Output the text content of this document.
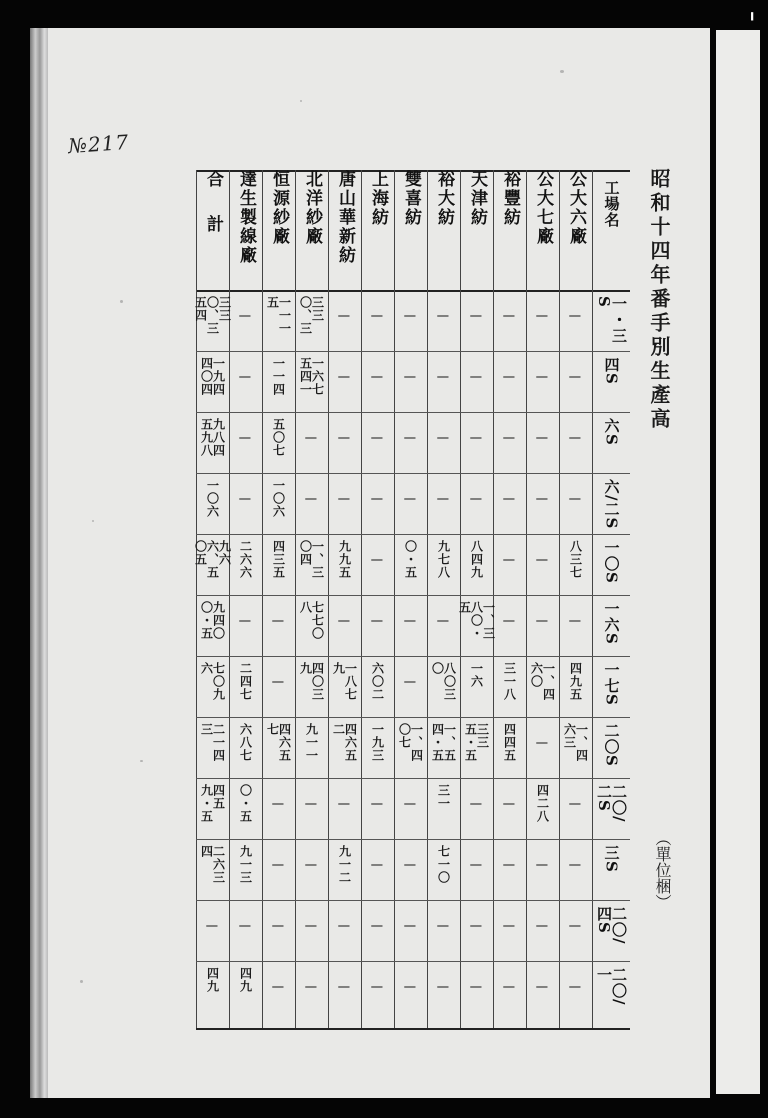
╻
№217
昭和十四年番手別生產高
（單位梱）
工場名
公大六廠
公大七廠
裕豐紡
天津紡
裕大紡
雙喜紡
上海紡
唐山華新紡
北洋紗廠
恒源紗廠
達生製線廠
合計
一・三S
|
|
|
|
|
|
|
|
三三〇、三
一一一五
|
三三〇、三五四
四S
|
|
|
|
|
|
|
|
一六七五四一
一一四
|
一九四四〇四
六S
|
|
|
|
|
|
|
|
|
五〇七
|
九八四五九八
六/二S
|
|
|
|
|
|
|
|
|
一〇六
|
一〇六
一〇S
八三七
|
|
八四九
九七八
〇・五
|
九九五
一、三〇四
四三五
二六六
九六六、五〇五
一六S
|
|
|
一、三八〇・五
|
|
|
|
七七〇八
|
|
九四〇〇・五
一七S
四九五
一、四六〇
三一八
一六
八〇三〇
|
六〇二
一八七九
四〇三九
|
二四七
七〇九六
二〇S
一、四六三
|
四四五
三三五・五
一、五四・五
一、四〇七
一九三
四六五二
九一一
四六五七
六八七
二一四三
二〇/二S
|
四二八
|
|
三一
|
|
|
|
|
〇・五
四五九・五
三S
|
|
|
|
七一〇
|
|
九一二
|
|
九一三
二六三四
二〇/四S
|
|
|
|
|
|
|
|
|
|
|
|
二〇/一
|
|
|
|
|
|
|
|
|
|
四九
四九
